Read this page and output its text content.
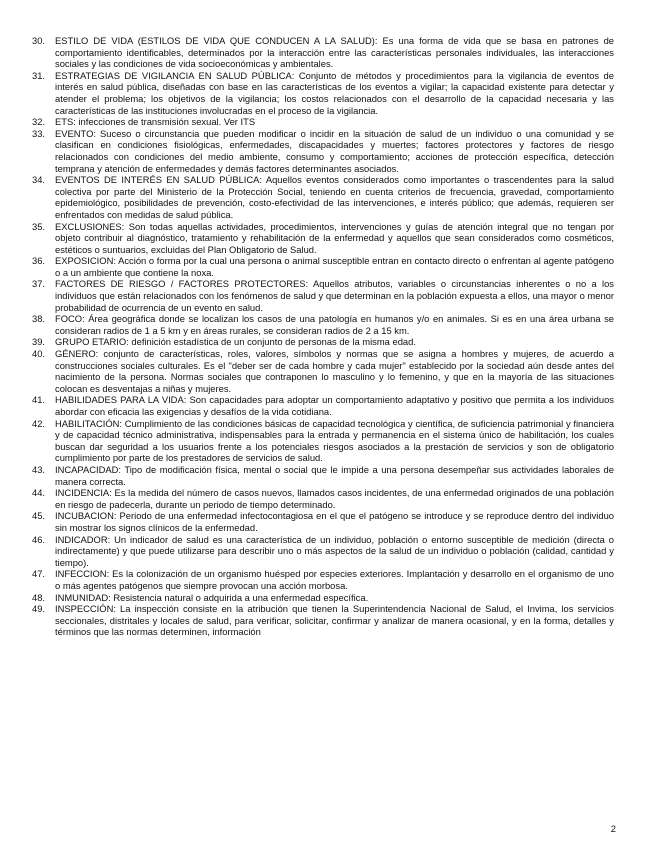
30.	ESTILO DE VIDA (ESTILOS DE VIDA QUE CONDUCEN A LA SALUD): Es una forma de vida que se basa en patrones de comportamiento identificables, determinados por la interacción entre las características personales individuales, las interacciones sociales y las condiciones de vida socioeconómicas y ambientales.
31.	ESTRATEGIAS DE VIGILANCIA EN SALUD PÚBLICA: Conjunto de métodos y procedimientos para la vigilancia de eventos de interés en salud pública, diseñadas con base en las características de los eventos a vigilar; la capacidad existente para detectar y atender el problema; los objetivos de la vigilancia; los costos relacionados con el desarrollo de la capacidad necesaria y las características de las instituciones involucradas en el proceso de la vigilancia.
32.	ETS: infecciones de transmisión sexual. Ver ITS
33.	EVENTO: Suceso o circunstancia que pueden modificar o incidir en la situación de salud de un individuo o una comunidad y se clasifican en condiciones fisiológicas, enfermedades, discapacidades y muertes; factores protectores y factores de riesgo relacionados con condiciones del medio ambiente, consumo y comportamiento; acciones de protección específica, detección temprana y atención de enfermedades y demás factores determinantes asociados.
34.	EVENTOS DE INTERÉS EN SALUD PÚBLICA: Aquellos eventos considerados como importantes o trascendentes para la salud colectiva por parte del Ministerio de la Protección Social, teniendo en cuenta criterios de frecuencia, gravedad, comportamiento epidemiológico, posibilidades de prevención, costo-efectividad de las intervenciones, e interés público; que además, requieren ser enfrentados con medidas de salud pública.
35.	EXCLUSIONES: Son todas aquellas actividades, procedimientos, intervenciones y guías de atención integral que no tengan por objeto contribuir al diagnóstico, tratamiento y rehabilitación de la enfermedad y aquellos que sean considerados como cosméticos, estéticos o suntuarios, excluidas del Plan Obligatorio de Salud.
36.	EXPOSICION: Acción o forma por la cual una persona o animal susceptible entran en contacto directo o enfrentan al agente patógeno o a un ambiente que contiene la noxa.
37.	FACTORES DE RIESGO / FACTORES PROTECTORES: Aquellos atributos, variables o circunstancias inherentes o no a los individuos que están relacionados con los fenómenos de salud y que determinan en la población expuesta a ellos, una mayor o menor probabilidad de ocurrencia de un evento en salud.
38.	FOCO: Área geográfica donde se localizan los casos de una patología en humanos y/o en animales. Si es en una área urbana se consideran radios de 1 a 5 km y en áreas rurales, se consideran radios de 2 a 15 km.
39.	GRUPO ETARIO: definición estadística de un conjunto de personas de la misma edad.
40.	GÉNERO: conjunto de características, roles, valores, símbolos y normas que se asigna a hombres y mujeres, de acuerdo a construcciones sociales culturales. Es el "deber ser de cada hombre y cada mujer" establecido por la sociedad aún desde antes del nacimiento de la persona. Normas sociales que contraponen lo masculino y lo femenino, y que en la mayoría de las situaciones colocan es desventajas a niñas y mujeres.
41.	HABILIDADES PARA LA VIDA: Son capacidades para adoptar un comportamiento adaptativo y positivo que permita a los individuos abordar con eficacia las exigencias y desafíos de la vida cotidiana.
42.	HABILITACIÓN: Cumplimiento de las condiciones básicas de capacidad tecnológica y científica, de suficiencia patrimonial y financiera y de capacidad técnico administrativa, indispensables para la entrada y permanencia en el sistema único de habilitación, los cuales buscan dar seguridad a los usuarios frente a los potenciales riesgos asociados a la prestación de servicios y son de obligatorio cumplimiento por parte de los prestadores de servicios de salud.
43.	INCAPACIDAD: Tipo de modificación física, mental o social que le impide a una persona desempeñar sus actividades laborales de manera correcta.
44.	INCIDENCIA: Es la medida del número de casos nuevos, llamados casos incidentes, de una enfermedad originados de una población en riesgo de padecerla, durante un periodo de tiempo determinado.
45.	INCUBACION: Periodo de una enfermedad infectocontagiosa en el que el patógeno se introduce y se reproduce dentro del individuo sin mostrar los signos clínicos de la enfermedad.
46.	INDICADOR: Un indicador de salud es una característica de un individuo, población o entorno susceptible de medición (directa o indirectamente) y que puede utilizarse para describir uno o más aspectos de la salud de un individuo o población (calidad, cantidad y tiempo).
47.	INFECCION: Es la colonización de un organismo huésped por especies exteriores. Implantación y desarrollo en el organismo de uno o más agentes patógenos que siempre provocan una acción morbosa.
48.	INMUNIDAD: Resistencia natural o adquirida a una enfermedad específica.
49.	INSPECCIÓN: La inspección consiste en la atribución que tienen la Superintendencia Nacional de Salud, el Invima, los servicios seccionales, distritales y locales de salud, para verificar, solicitar, confirmar y analizar de manera ocasional, y en la forma, detalles y términos que las normas determinen, información
2
